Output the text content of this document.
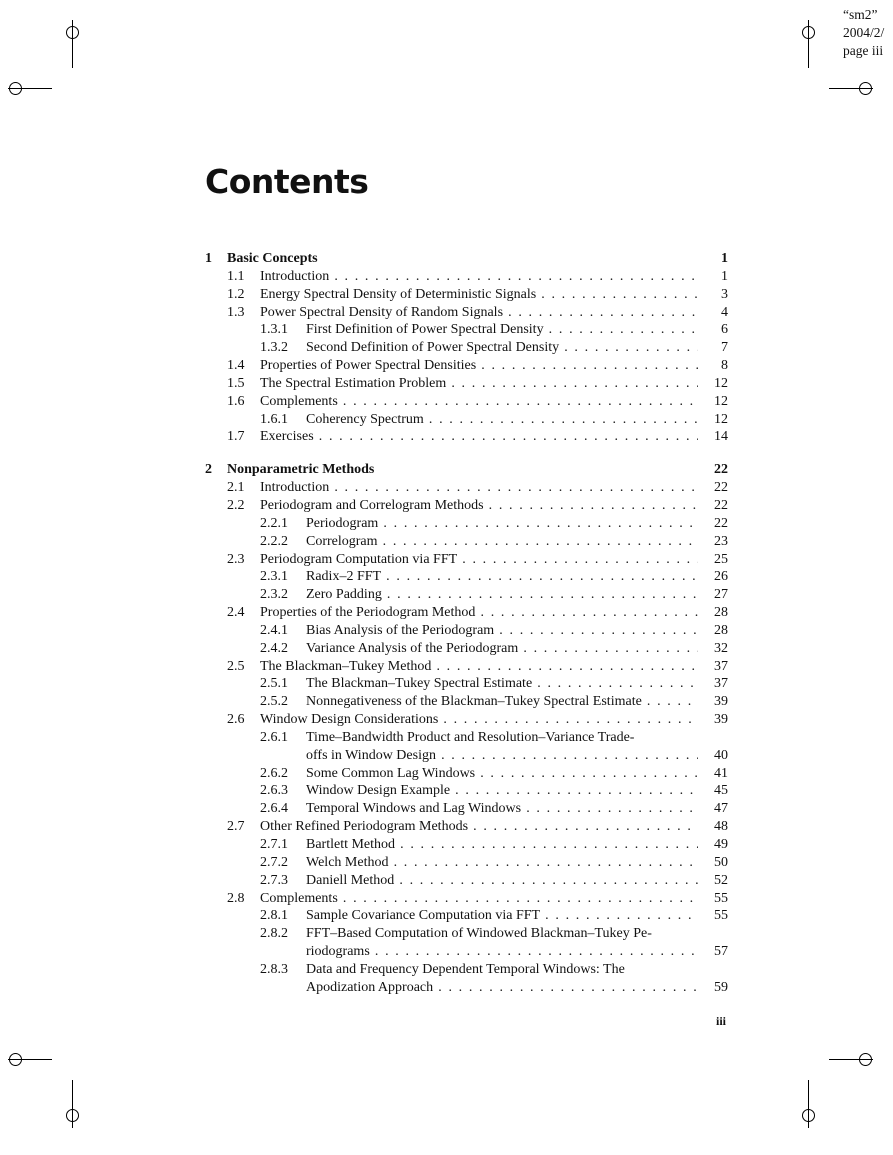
“sm2”
2004/2/
page iii
Contents
1 Basic Concepts	1
1.1 Introduction . . .	1
1.2 Energy Spectral Density of Deterministic Signals . . .	3
1.3 Power Spectral Density of Random Signals . . .	4
1.3.1 First Definition of Power Spectral Density . . .	6
1.3.2 Second Definition of Power Spectral Density . . .	7
1.4 Properties of Power Spectral Densities . . .	8
1.5 The Spectral Estimation Problem . . .	12
1.6 Complements . . .	12
1.6.1 Coherency Spectrum . . .	12
1.7 Exercises . . .	14
2 Nonparametric Methods	22
2.1 Introduction . . .	22
2.2 Periodogram and Correlogram Methods . . .	22
2.2.1 Periodogram . . .	22
2.2.2 Correlogram . . .	23
2.3 Periodogram Computation via FFT . . .	25
2.3.1 Radix–2 FFT . . .	26
2.3.2 Zero Padding . . .	27
2.4 Properties of the Periodogram Method . . .	28
2.4.1 Bias Analysis of the Periodogram . . .	28
2.4.2 Variance Analysis of the Periodogram . . .	32
2.5 The Blackman–Tukey Method . . .	37
2.5.1 The Blackman–Tukey Spectral Estimate . . .	37
2.5.2 Nonnegativeness of the Blackman–Tukey Spectral Estimate . . .	39
2.6 Window Design Considerations . . .	39
2.6.1 Time–Bandwidth Product and Resolution–Variance Trade-
offs in Window Design . . .	40
2.6.2 Some Common Lag Windows . . .	41
2.6.3 Window Design Example . . .	45
2.6.4 Temporal Windows and Lag Windows . . .	47
2.7 Other Refined Periodogram Methods . . .	48
2.7.1 Bartlett Method . . .	49
2.7.2 Welch Method . . .	50
2.7.3 Daniell Method . . .	52
2.8 Complements . . .	55
2.8.1 Sample Covariance Computation via FFT . . .	55
2.8.2 FFT–Based Computation of Windowed Blackman–Tukey Pe-
riodograms . . .	57
2.8.3 Data and Frequency Dependent Temporal Windows: The
Apodization Approach . . .	59
iii
